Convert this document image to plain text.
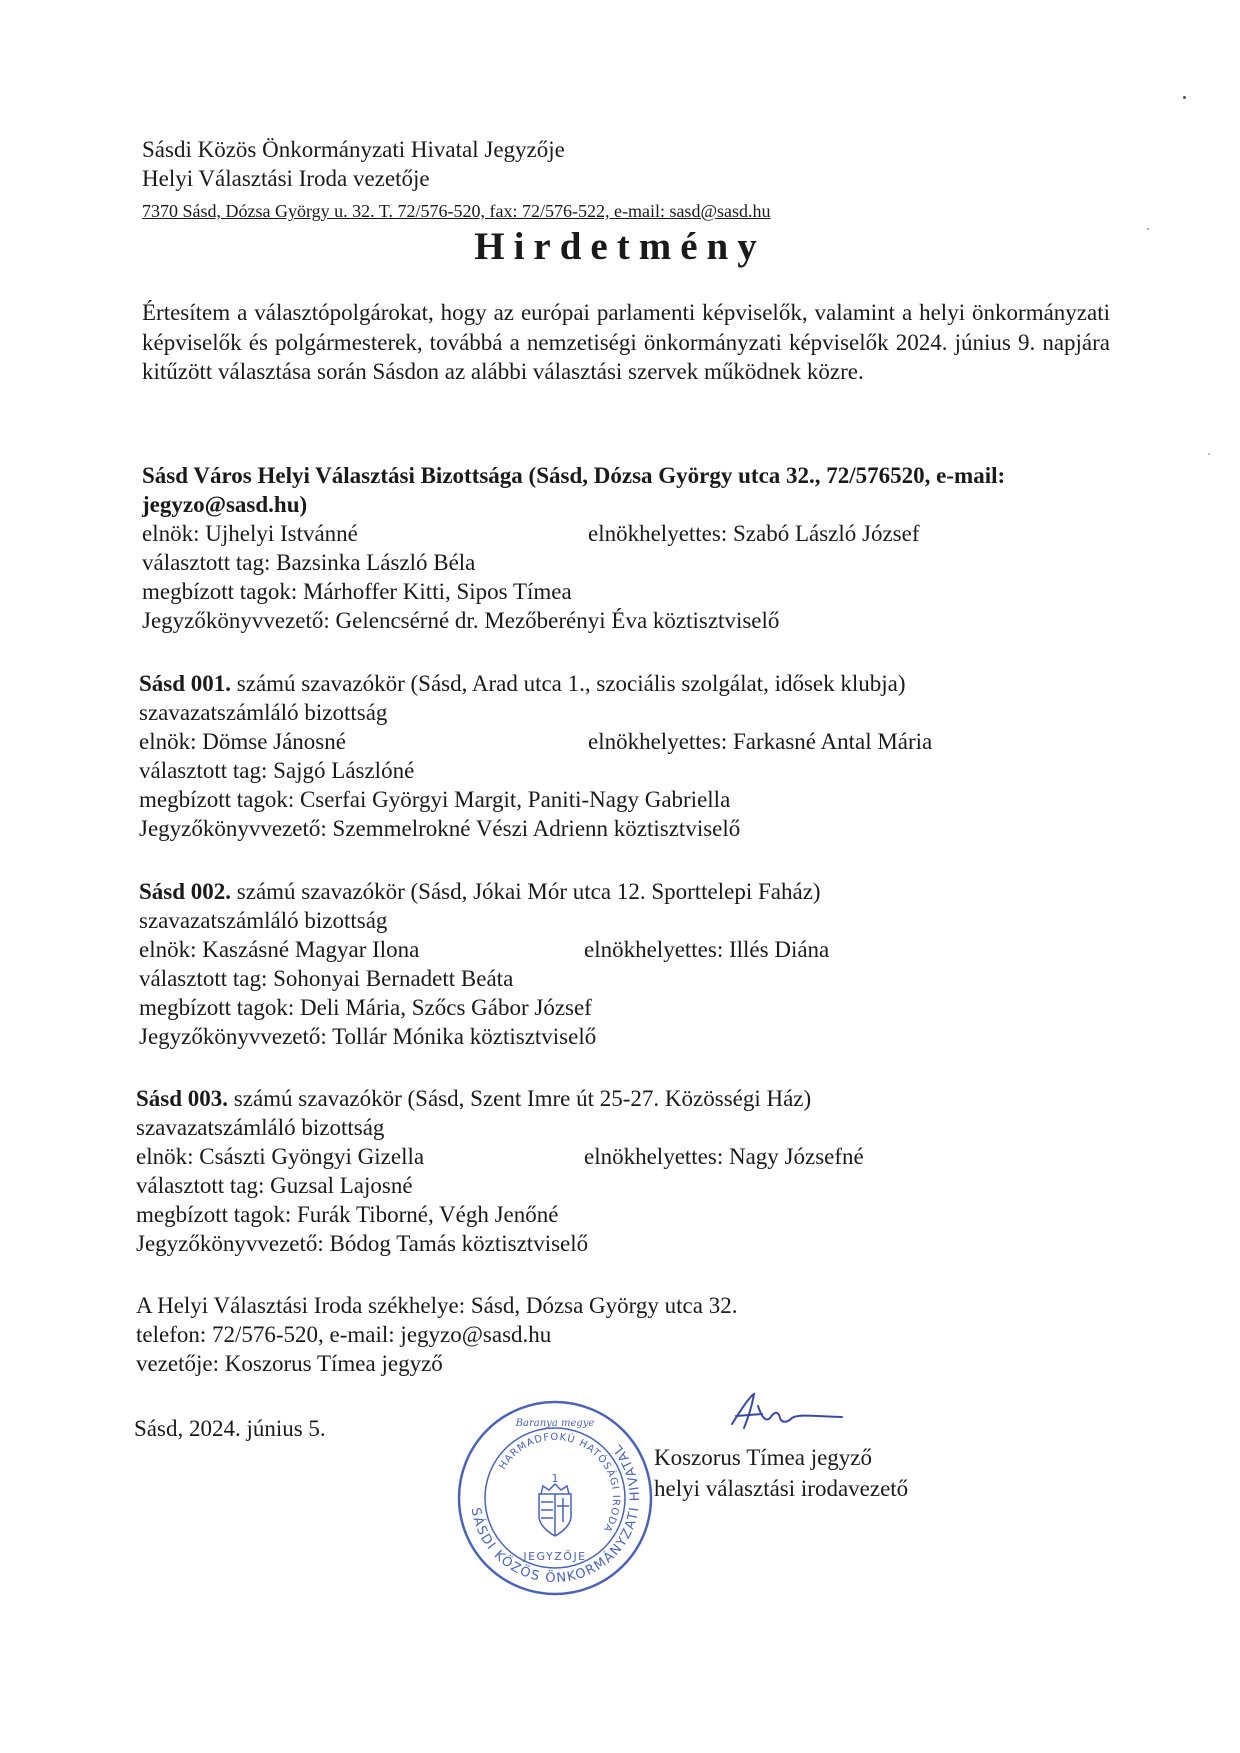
Sásdi Közös Önkormányzati Hivatal Jegyzője
Helyi Választási Iroda vezetője
7370 Sásd, Dózsa György u. 32. T. 72/576-520, fax: 72/576-522, e-mail: sasd@sasd.hu
Hirdetmény
Értesítem a választópolgárokat, hogy az európai parlamenti képviselők, valamint a helyi önkormányzati képviselők és polgármesterek, továbbá a nemzetiségi önkormányzati képviselők 2024. június 9. napjára kitűzött választása során Sásdon az alábbi választási szervek működnek közre.
Sásd Város Helyi Választási Bizottsága (Sásd, Dózsa György utca 32., 72/576520, e-mail:
jegyzo@sasd.hu)
elnök: Ujhelyi Istvánné	elnökhelyettes: Szabó László József
választott tag: Bazsinka László Béla
megbízott tagok: Márhoffer Kitti, Sipos Tímea
Jegyzőkönyvvezető: Gelencsérné dr. Mezőberényi Éva köztisztviselő
Sásd 001. számú szavazókör (Sásd, Arad utca 1., szociális szolgálat, idősek klubja)
szavazatszámláló bizottság
elnök: Dömse Jánosné	elnökhelyettes: Farkasné Antal Mária
választott tag: Sajgó Lászlóné
megbízott tagok: Cserfai Györgyi Margit, Paniti-Nagy Gabriella
Jegyzőkönyvvezető: Szemmelrokné Vészi Adrienn köztisztviselő
Sásd 002. számú szavazókör (Sásd, Jókai Mór utca 12. Sporttelepi Faház)
szavazatszámláló bizottság
elnök: Kaszásné Magyar Ilona	elnökhelyettes: Illés Diána
választott tag: Sohonyai Bernadett Beáta
megbízott tagok: Deli Mária, Szőcs Gábor József
Jegyzőkönyvvezető: Tollár Mónika köztisztviselő
Sásd 003. számú szavazókör (Sásd, Szent Imre út 25-27. Közösségi Ház)
szavazatszámláló bizottság
elnök: Császti Gyöngyi Gizella	elnökhelyettes: Nagy Józsefné
választott tag: Guzsal Lajosné
megbízott tagok: Furák Tiborné, Végh Jenőné
Jegyzőkönyvvezető: Bódog Tamás köztisztviselő
A Helyi Választási Iroda székhelye: Sásd, Dózsa György utca 32.
telefon: 72/576-520, e-mail: jegyzo@sasd.hu
vezetője: Koszorus Tímea jegyző
Sásd, 2024. június 5.
Koszorus Tímea jegyző
helyi választási irodavezető
SÁSDI KÖZÖS ÖNKORMÁNYZATI HIVATAL
HARMADFOKÚ HATÓSÁGI IRODA
JEGYZŐJE
Baranya megye
1
